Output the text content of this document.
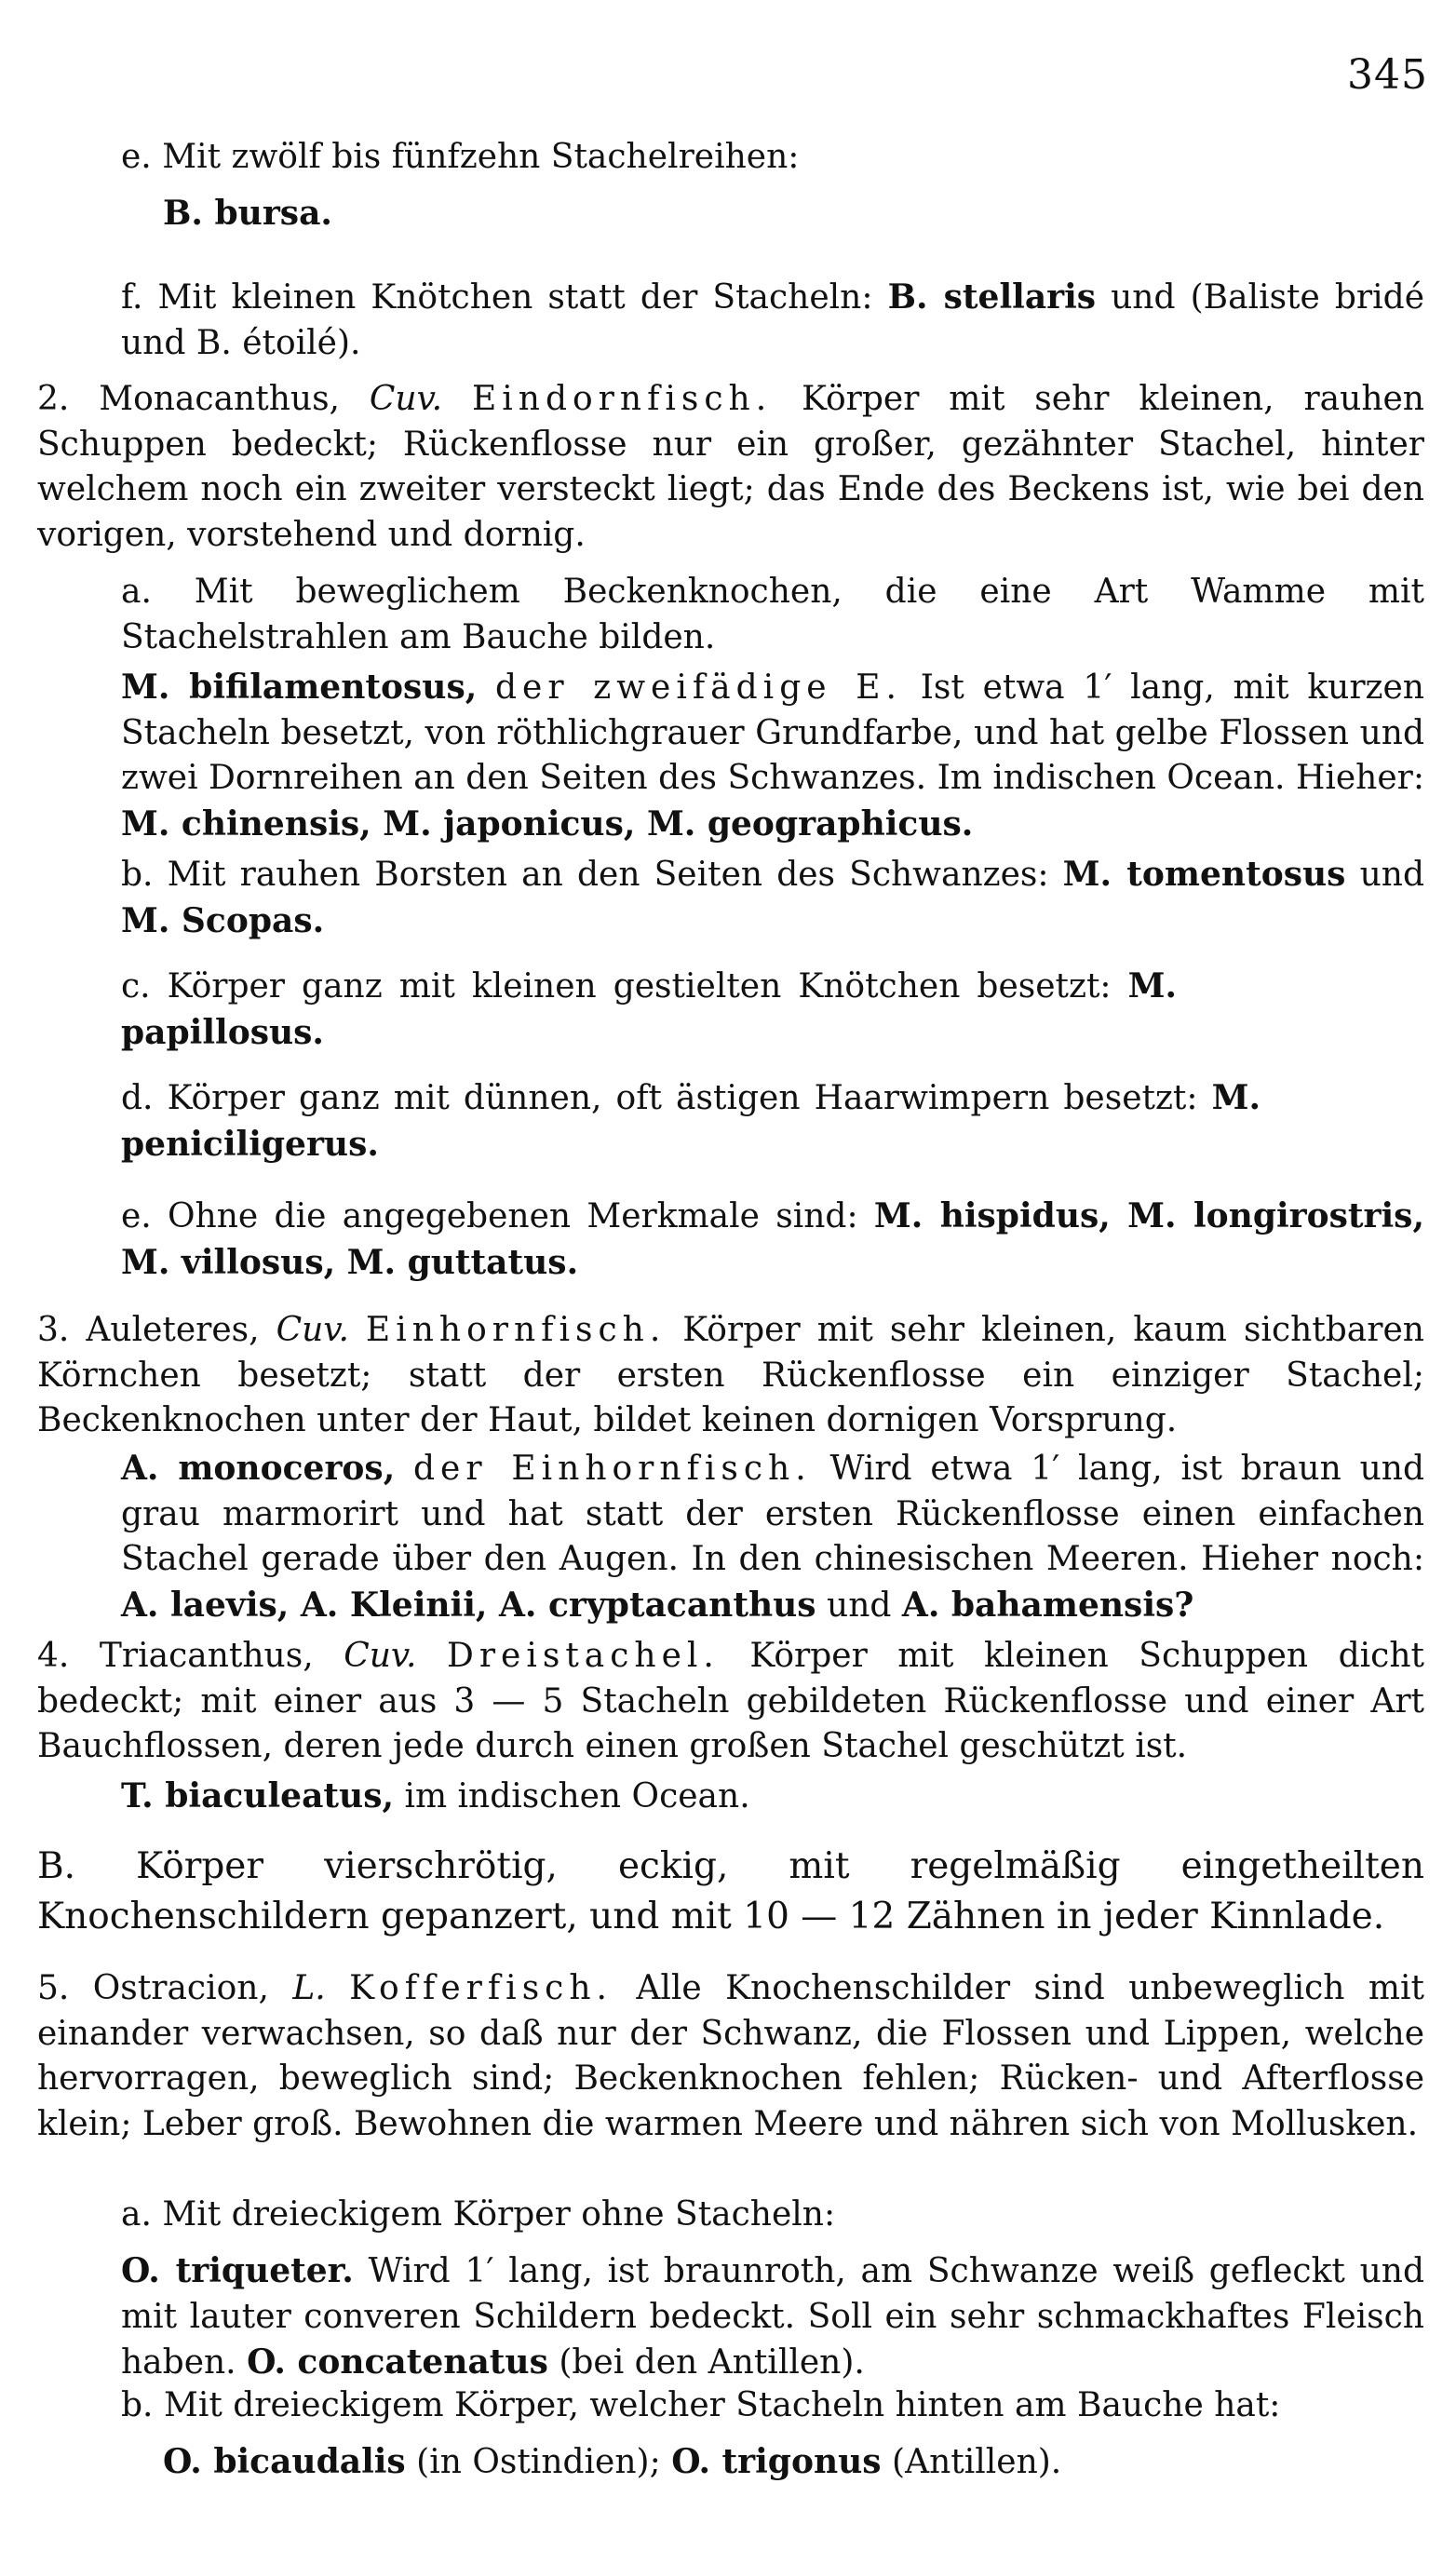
345
e. Mit zwölf bis fünfzehn Stachelreihen:
B. bursa.
f. Mit kleinen Knötchen statt der Stacheln: B. stellaris und (Baliste bridé und B. étoilé).
2. Monacanthus, Cuv. Eindornfisch. Körper mit sehr kleinen, rauhen Schuppen bedeckt; Rückenflosse nur ein großer, gezähnter Stachel, hinter welchem noch ein zweiter versteckt liegt; das Ende des Beckens ist, wie bei den vorigen, vorstehend und dornig.
a. Mit beweglichem Beckenknochen, die eine Art Wamme mit Stachelstrahlen am Bauche bilden.
M. bifilamentosus, der zweifädige E. Ist etwa 1′ lang, mit kurzen Stacheln besetzt, von röthlichgrauer Grundfarbe, und hat gelbe Flossen und zwei Dornreihen an den Seiten des Schwanzes. Im indischen Ocean. Hieher: M. chinensis, M. japonicus, M. geographicus.
b. Mit rauhen Borsten an den Seiten des Schwanzes: M. tomentosus und M. Scopas.
c. Körper ganz mit kleinen gestielten Knötchen besetzt: M. papillosus.
d. Körper ganz mit dünnen, oft ästigen Haarwimpern besetzt: M. peniciligerus.
e. Ohne die angegebenen Merkmale sind: M. hispidus, M. longirostris, M. villosus, M. guttatus.
3. Auleteres, Cuv. Einhornfisch. Körper mit sehr kleinen, kaum sichtbaren Körnchen besetzt; statt der ersten Rückenflosse ein einziger Stachel; Beckenknochen unter der Haut, bildet keinen dornigen Vorsprung.
A. monoceros, der Einhornfisch. Wird etwa 1′ lang, ist braun und grau marmorirt und hat statt der ersten Rückenflosse einen einfachen Stachel gerade über den Augen. In den chinesischen Meeren. Hieher noch: A. laevis, A. Kleinii, A. cryptacanthus und A. bahamensis?
4. Triacanthus, Cuv. Dreistachel. Körper mit kleinen Schuppen dicht bedeckt; mit einer aus 3 — 5 Stacheln gebildeten Rückenflosse und einer Art Bauchflossen, deren jede durch einen großen Stachel geschützt ist.
T. biaculeatus, im indischen Ocean.
B. Körper vierschrötig, eckig, mit regelmäßig eingetheilten Knochenschildern gepanzert, und mit 10 — 12 Zähnen in jeder Kinnlade.
5. Ostracion, L. Kofferfisch. Alle Knochenschilder sind unbeweglich mit einander verwachsen, so daß nur der Schwanz, die Flossen und Lippen, welche hervorragen, beweglich sind; Beckenknochen fehlen; Rücken- und Afterflosse klein; Leber groß. Bewohnen die warmen Meere und nähren sich von Mollusken.
a. Mit dreieckigem Körper ohne Stacheln:
O. triqueter. Wird 1′ lang, ist braunroth, am Schwanze weiß gefleckt und mit lauter converen Schildern bedeckt. Soll ein sehr schmackhaftes Fleisch haben. O. concatenatus (bei den Antillen).
b. Mit dreieckigem Körper, welcher Stacheln hinten am Bauche hat:
O. bicaudalis (in Ostindien); O. trigonus (Antillen).
